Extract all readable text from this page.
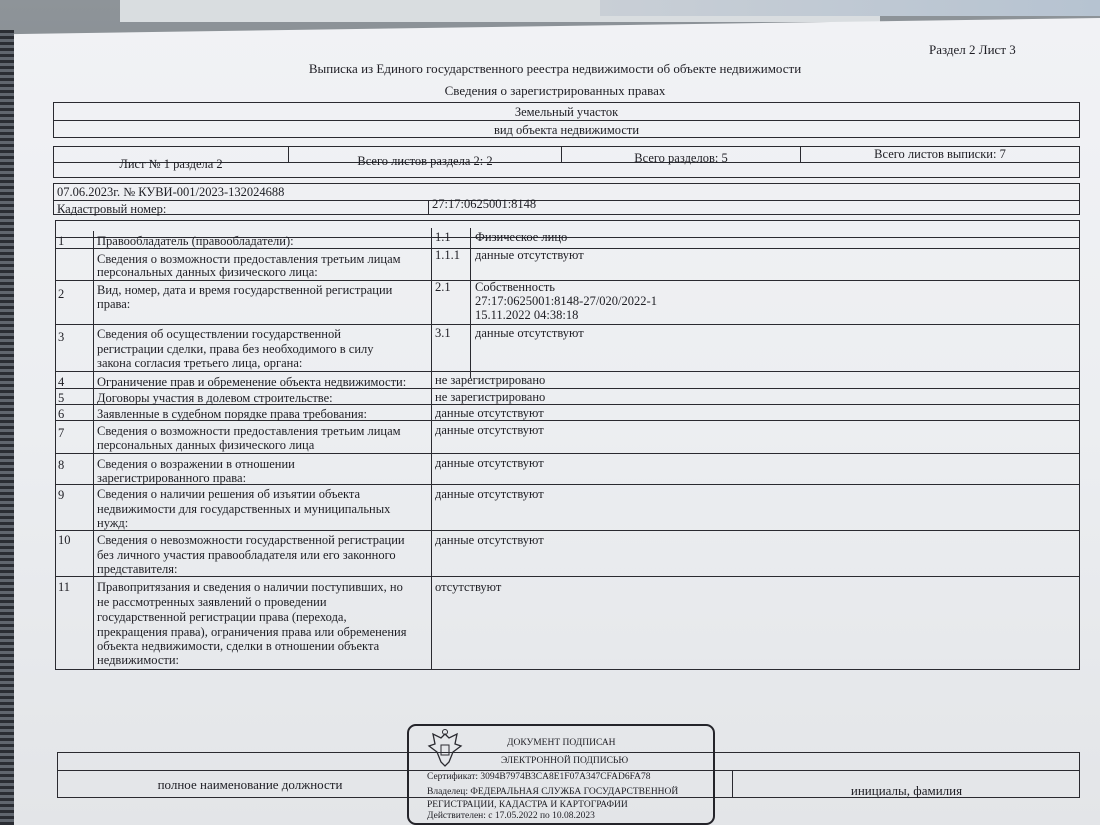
Раздел 2 Лист 3
Выписка из Единого государственного реестра недвижимости об объекте недвижимости
Сведения о зарегистрированных правах
Земельный участок
вид объекта недвижимости
Лист № 1 раздела 2	Всего листов раздела 2: 2	Всего разделов: 5	Всего листов выписки: 7
07.06.2023г. № КУВИ-001/2023-132024688
Кадастровый номер:	27:17:0625001:8148
1	Правообладатель (правообладатели):	1.1 Физическое лицо
Сведения о возможности предоставления третьим лицам
персональных данных физического лица:
1.1.1 данные отсутствуют
2	Вид, номер, дата и время государственной регистрации
права:
2.1 Собственность
27:17:0625001:8148-27/020/2022-1
15.11.2022 04:38:18
3	Сведения об осуществлении государственной
регистрации сделки, права без необходимого в силу
закона согласия третьего лица, органа:
3.1 данные отсутствуют
4	Ограничение прав и обременение объекта недвижимости: не зарегистрировано
5	Договоры участия в долевом строительстве:	не зарегистрировано
6	Заявленные в судебном порядке права требования:	данные отсутствуют
7	Сведения о возможности предоставления третьим лицам
персональных данных физического лица
данные отсутствуют
8	Сведения о возражении в отношении
зарегистрированного права:
данные отсутствуют
9	Сведения о наличии решения об изъятии объекта
недвижимости для государственных и муниципальных
нужд:
данные отсутствуют
10 Сведения о невозможности государственной регистрации
без личного участия правообладателя или его законного
представителя:
данные отсутствуют
11 Правопритязания и сведения о наличии поступивших, но
не рассмотренных заявлений о проведении
государственной регистрации права (перехода,
прекращения права), ограничения права или обременения
объекта недвижимости, сделки в отношении объекта
недвижимости:
отсутствуют
полное наименование должности	инициалы, фамилия
ДОКУМЕНТ ПОДПИСАН
ЭЛЕКТРОННОЙ ПОДПИСЬЮ
Сертификат: 3094B7974B3CA8E1F07A347CFAD6FA78
Владелец: ФЕДЕРАЛЬНАЯ СЛУЖБА ГОСУДАРСТВЕННОЙ
РЕГИСТРАЦИИ, КАДАСТРА И КАРТОГРАФИИ
Действителен: с 17.05.2022 по 10.08.2023
